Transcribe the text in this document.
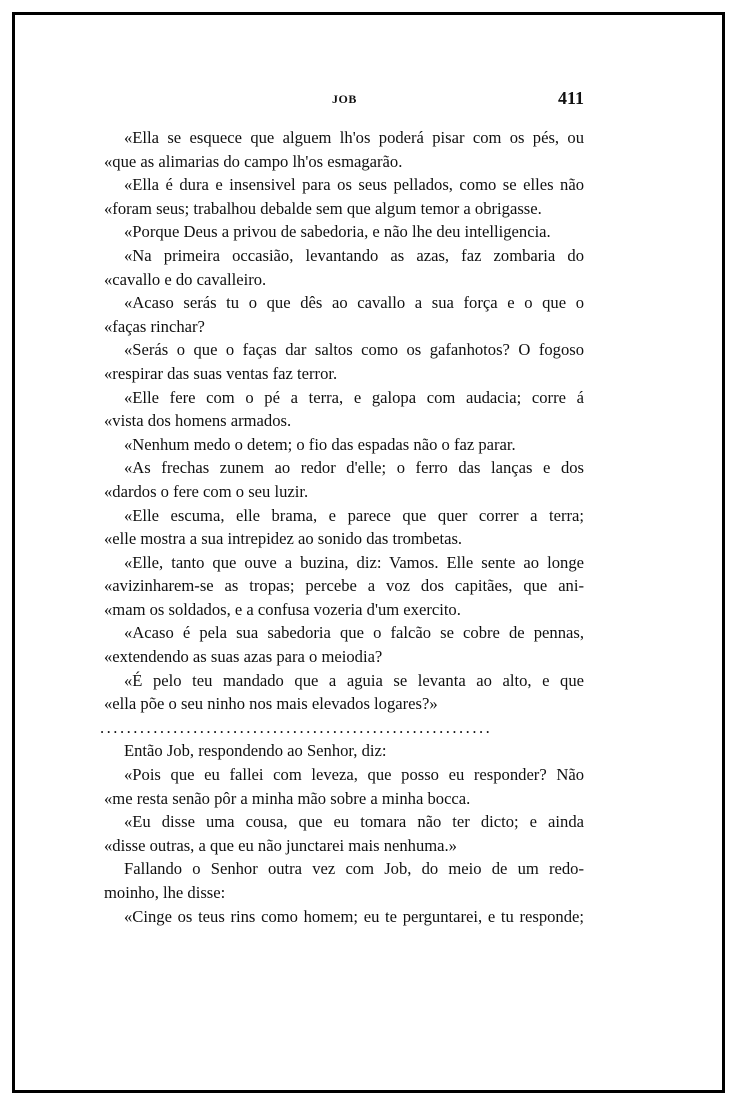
JOB	411
«Ella se esquece que alguem lh'os poderá pisar com os pés, ou
«que as alimarias do campo lh'os esmagarão.
«Ella é dura e insensivel para os seus pellados, como se elles não
«foram seus; trabalhou debalde sem que algum temor a obrigasse.
«Porque Deus a privou de sabedoria, e não lhe deu intelligencia.
«Na primeira occasião, levantando as azas, faz zombaria do
«cavallo e do cavalleiro.
«Acaso serás tu o que dês ao cavallo a sua força e o que o
«faças rinchar?
«Serás o que o faças dar saltos como os gafanhotos? O fogoso
«respirar das suas ventas faz terror.
«Elle fere com o pé a terra, e galopa com audacia; corre á
«vista dos homens armados.
«Nenhum medo o detem; o fio das espadas não o faz parar.
«As frechas zunem ao redor d'elle; o ferro das lanças e dos
«dardos o fere com o seu luzir.
«Elle escuma, elle brama, e parece que quer correr a terra;
«elle mostra a sua intrepidez ao sonido das trombetas.
«Elle, tanto que ouve a buzina, diz: Vamos. Elle sente ao longe
«avizinharem-se as tropas; percebe a voz dos capitães, que ani-
«mam os soldados, e a confusa vozeria d'um exercito.
«Acaso é pela sua sabedoria que o falcão se cobre de pennas,
«extendendo as suas azas para o meiodia?
«É pelo teu mandado que a aguia se levanta ao alto, e que
«ella põe o seu ninho nos mais elevados logares?»
...........................................................
Então Job, respondendo ao Senhor, diz:
«Pois que eu fallei com leveza, que posso eu responder? Não
«me resta senão pôr a minha mão sobre a minha bocca.
«Eu disse uma cousa, que eu tomara não ter dicto; e ainda
«disse outras, a que eu não junctarei mais nenhuma.»
Fallando o Senhor outra vez com Job, do meio de um redo-
moinho, lhe disse:
«Cinge os teus rins como homem; eu te perguntarei, e tu responde;
